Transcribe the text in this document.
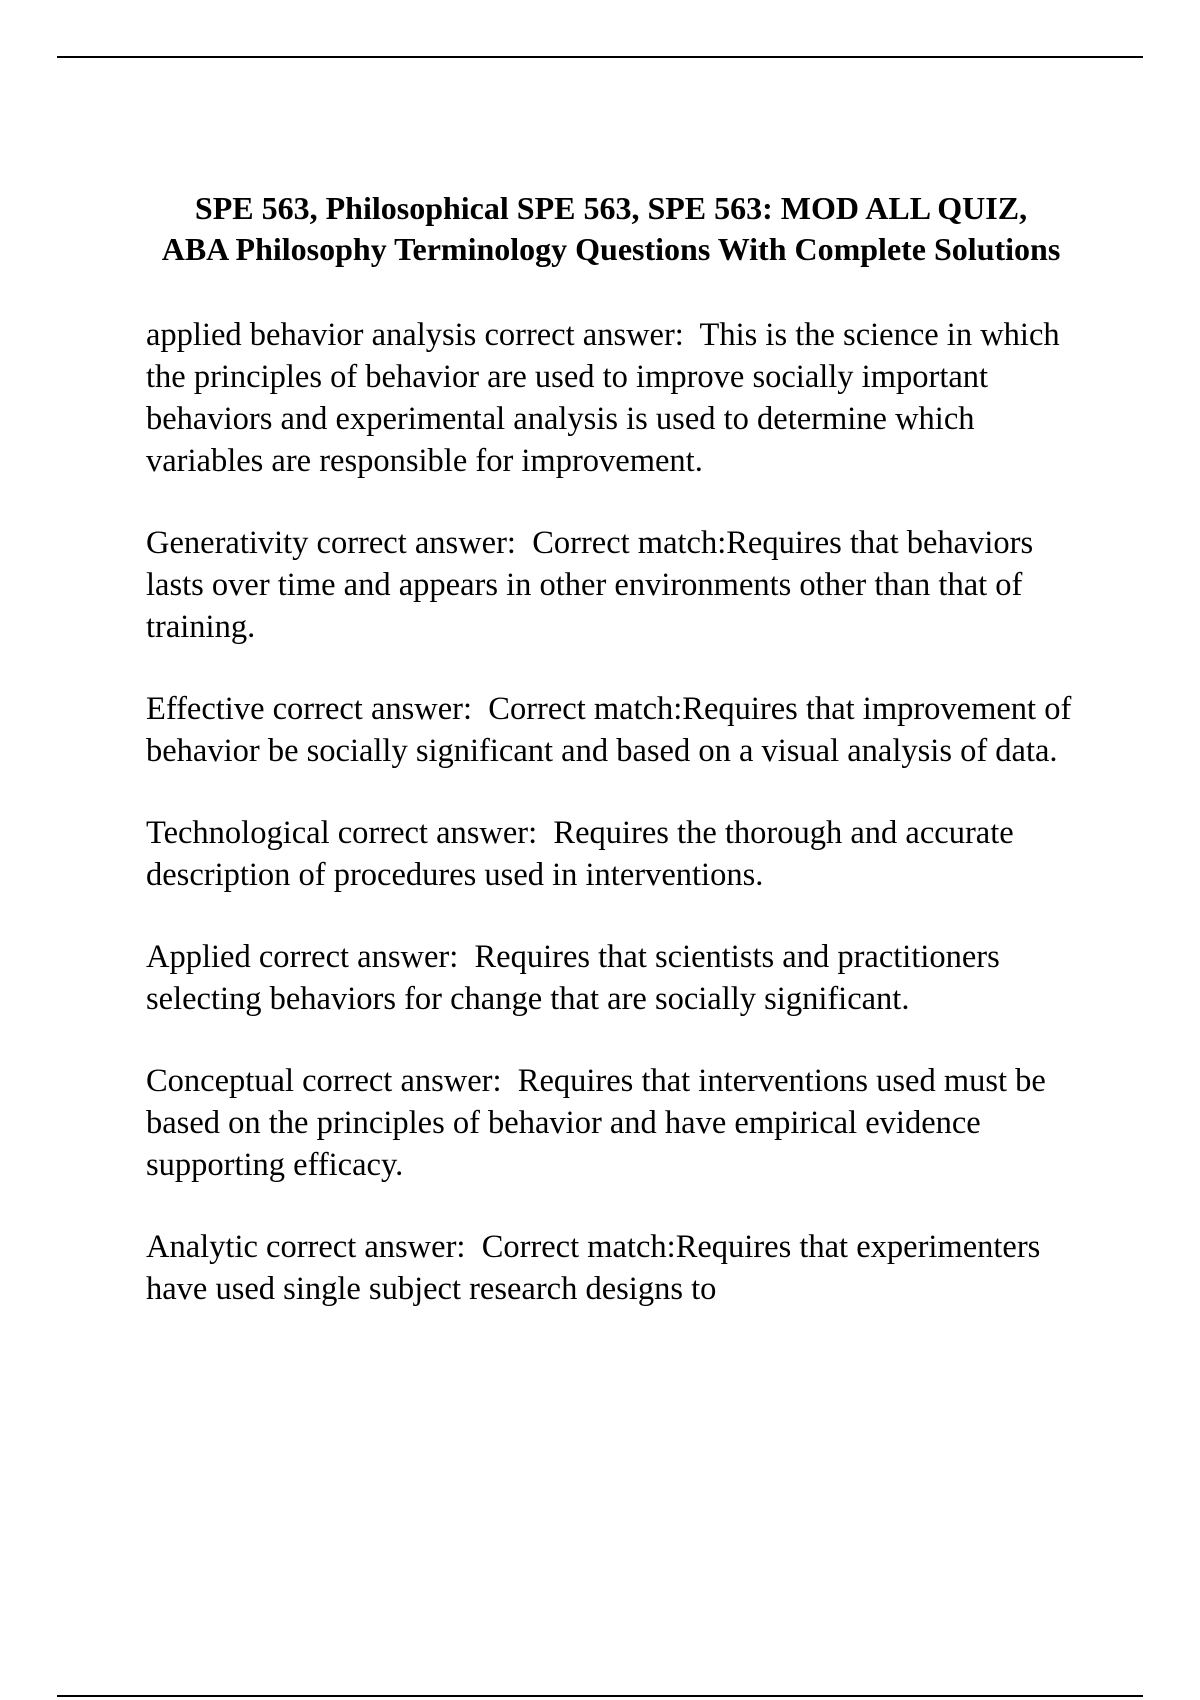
SPE 563, Philosophical SPE 563, SPE 563: MOD ALL QUIZ, ABA Philosophy Terminology Questions With Complete Solutions

applied behavior analysis correct answer: This is the science in which the principles of behavior are used to improve socially important behaviors and experimental analysis is used to determine which variables are responsible for improvement.

Generativity correct answer: Correct match:Requires that behaviors lasts over time and appears in other environments other than that of training.

Effective correct answer: Correct match:Requires that improvement of behavior be socially significant and based on a visual analysis of data.

Technological correct answer: Requires the thorough and accurate description of procedures used in interventions.

Applied correct answer: Requires that scientists and practitioners selecting behaviors for change that are socially significant.

Conceptual correct answer: Requires that interventions used must be based on the principles of behavior and have empirical evidence supporting efficacy.

Analytic correct answer: Correct match:Requires that experimenters have used single subject research designs to
